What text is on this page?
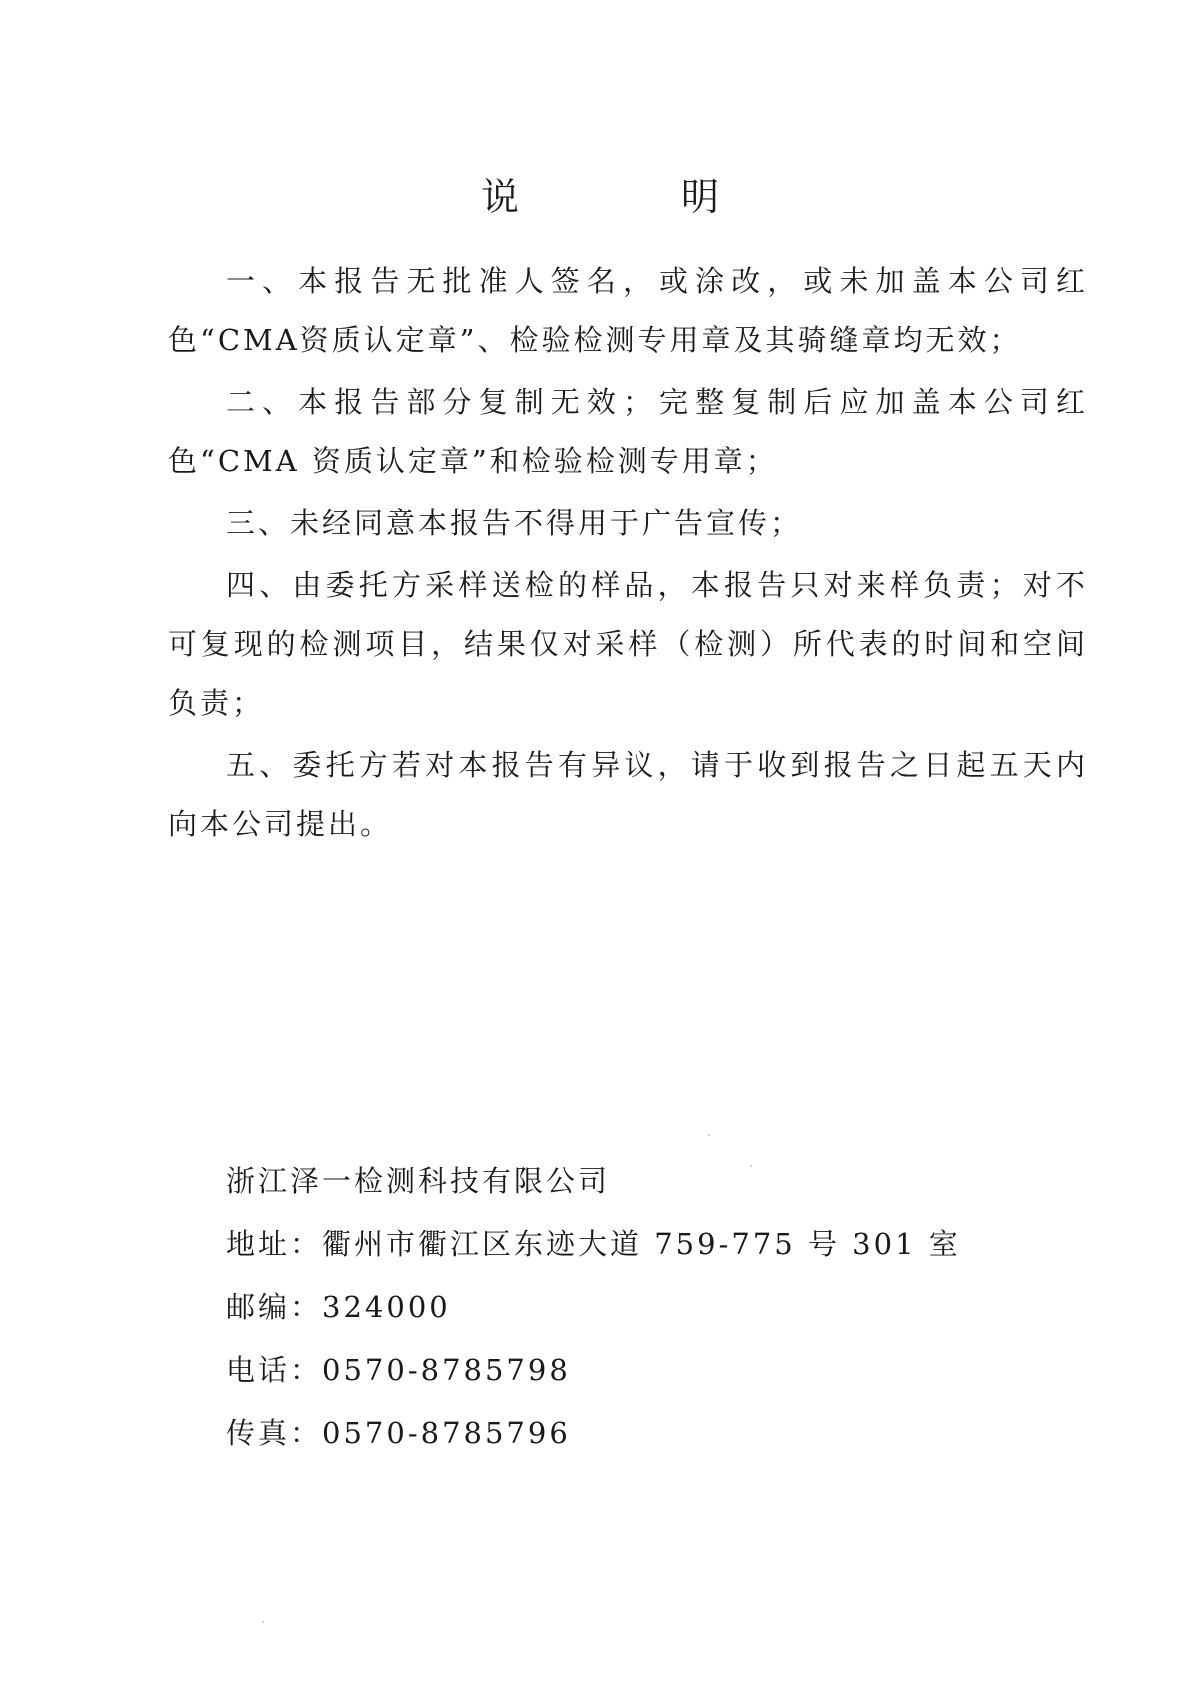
说　明

一、本报告无批准人签名，或涂改，或未加盖本公司红色“CMA资质认定章”、检验检测专用章及其骑缝章均无效；

二、本报告部分复制无效；完整复制后应加盖本公司红色“CMA 资质认定章”和检验检测专用章；

三、未经同意本报告不得用于广告宣传；

四、由委托方采样送检的样品，本报告只对来样负责；对不可复现的检测项目，结果仅对采样（检测）所代表的时间和空间负责；

五、委托方若对本报告有异议，请于收到报告之日起五天内向本公司提出。

浙江泽一检测科技有限公司

地址：衢州市衢江区东迹大道 759-775 号 301 室

邮编：324000

电话：0570-8785798

传真：0570-8785796
